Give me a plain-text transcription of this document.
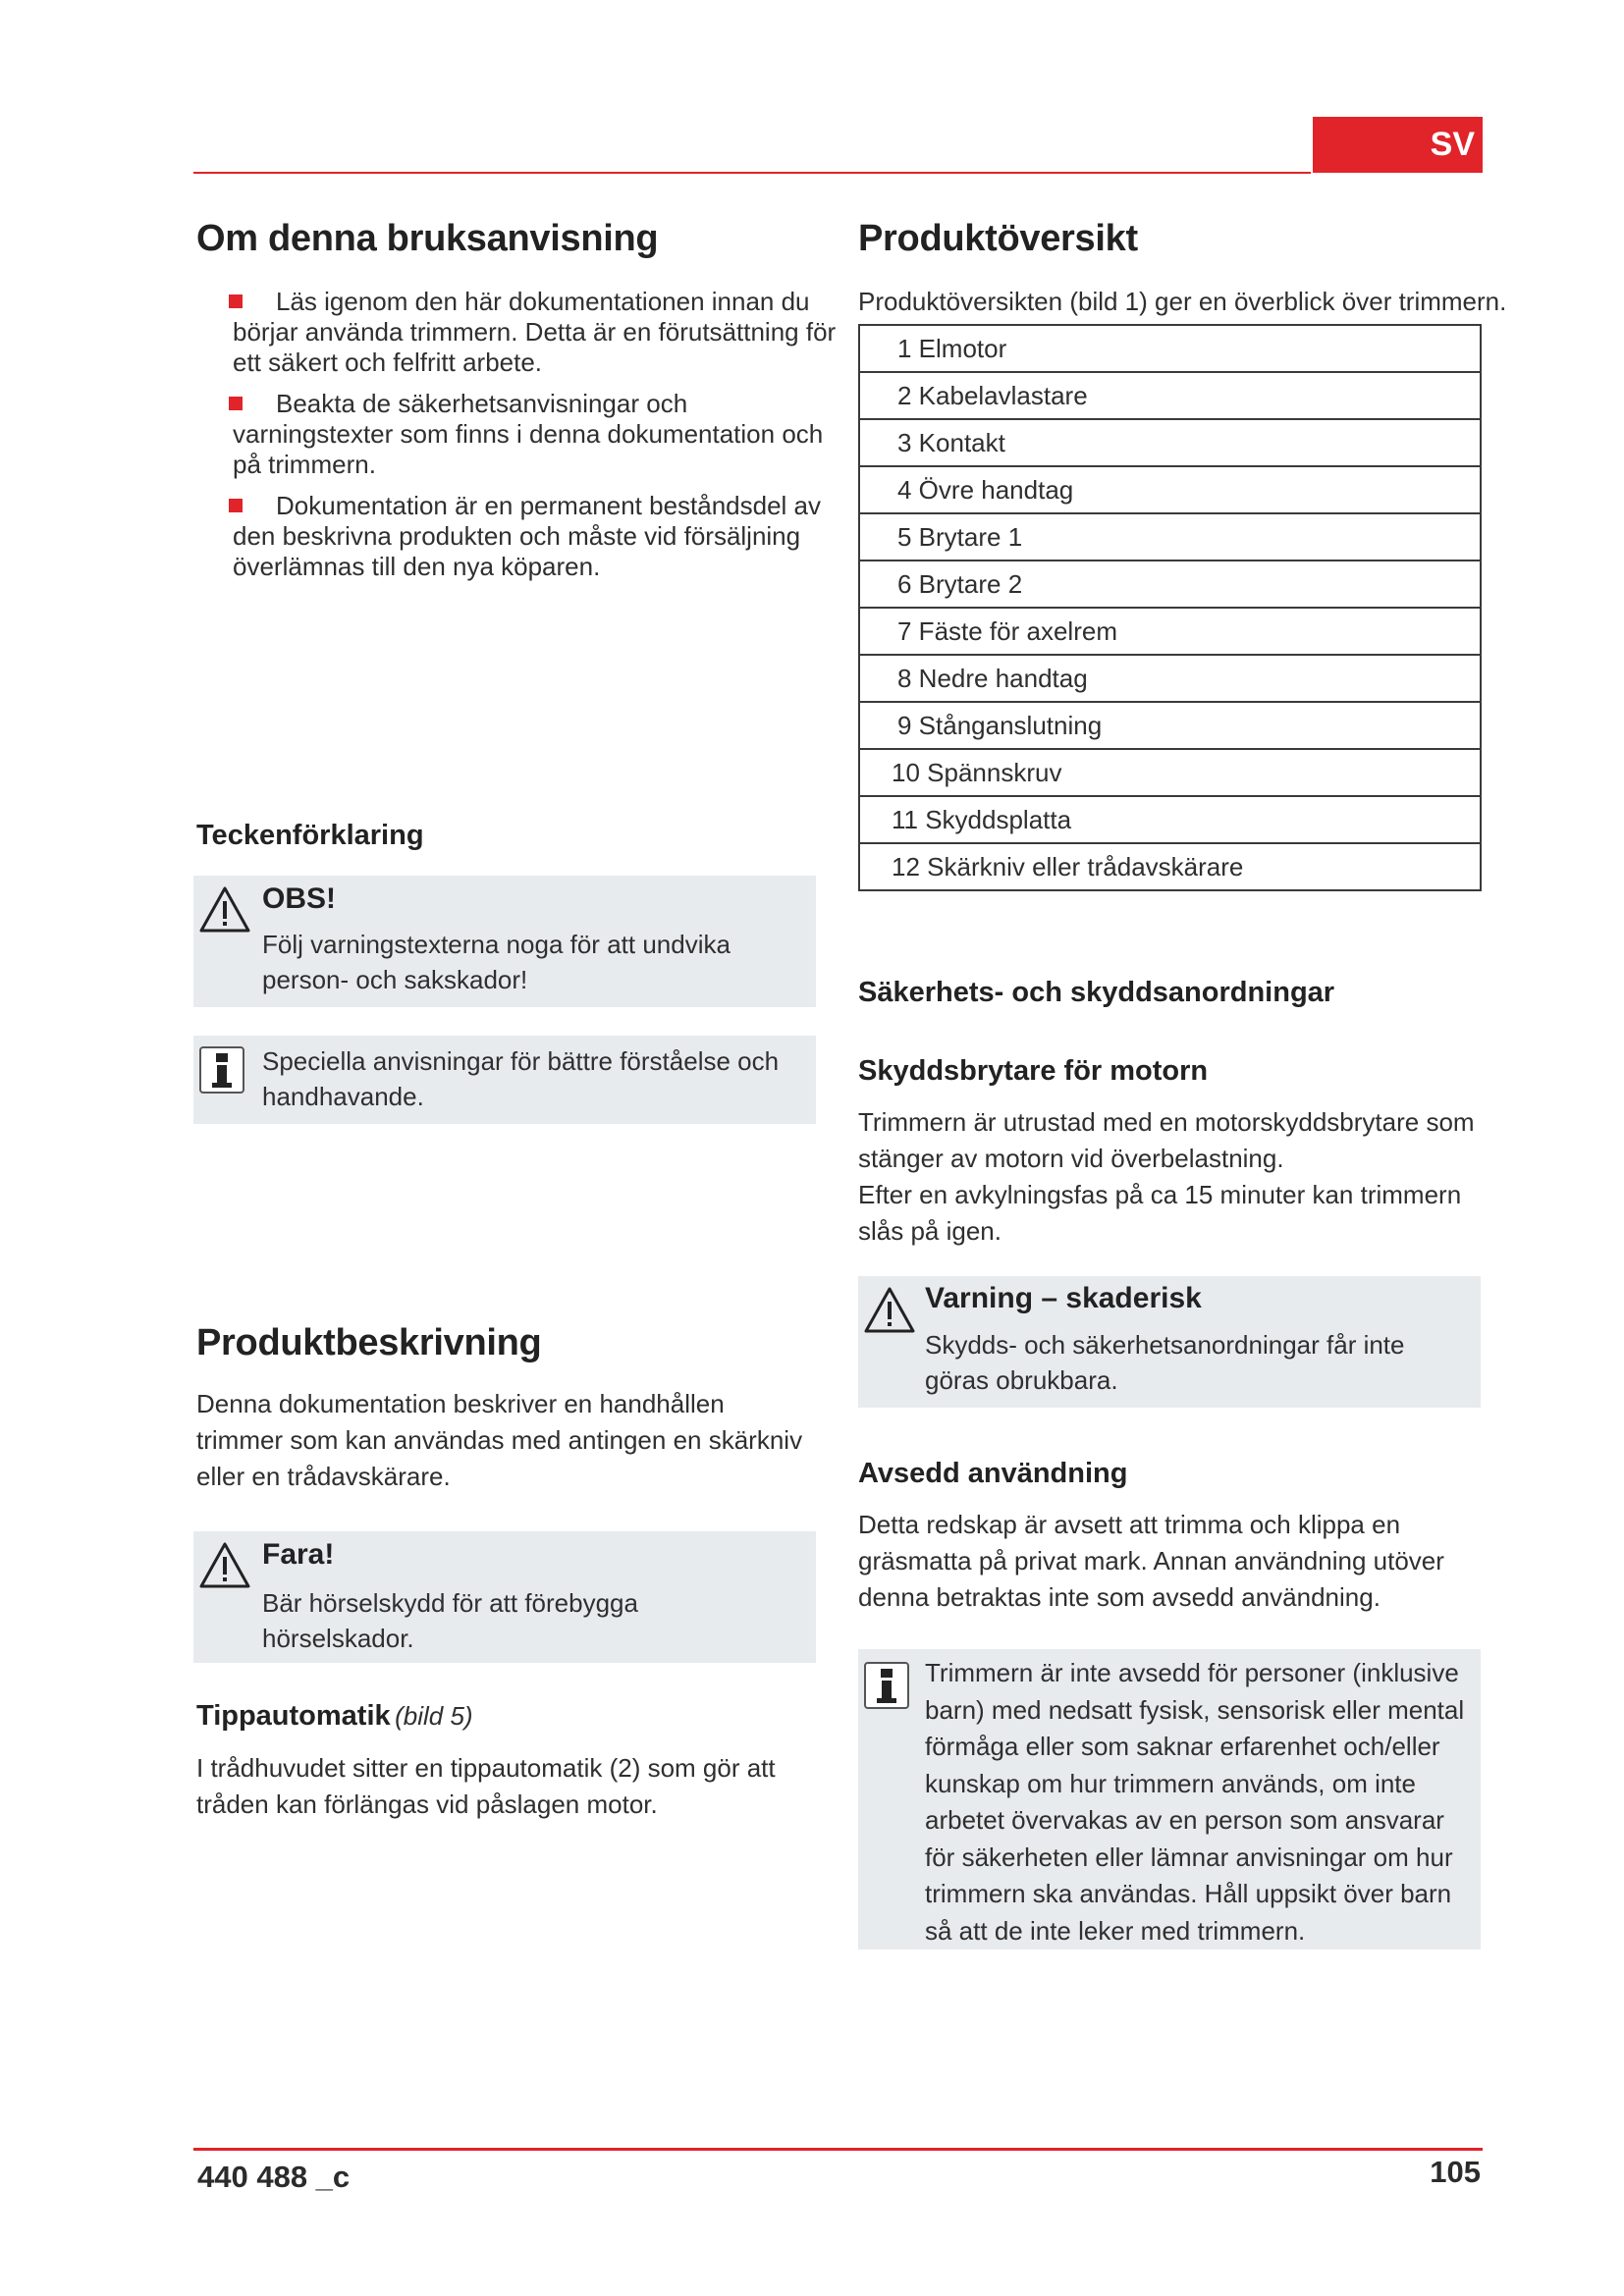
SV
Om denna bruksanvisning
Läs igenom den här dokumentationen innan du börjar använda trimmern. Detta är en förutsättning för ett säkert och felfritt arbete.
Beakta de säkerhetsanvisningar och varningstexter som finns i denna dokumentation och på trimmern.
Dokumentation är en permanent beståndsdel av den beskrivna produkten och måste vid försäljning överlämnas till den nya köparen.
Teckenförklaring
OBS!
Följ varningstexterna noga för att undvika person- och sakskador!
Speciella anvisningar för bättre förståelse och handhavande.
Produktbeskrivning

Denna dokumentation beskriver en handhållen trimmer som kan användas med antingen en skärkniv eller en trådavskärare.

Fara!
Bär hörselskydd för att förebygga hörselskador.
Tippautomatik (bild 5)

I trådhuvudet sitter en tippautomatik (2) som gör att tråden kan förlängas vid påslagen motor.

Produktöversikt

Produktöversikten (bild 1) ger en överblick över trimmern.

1 Elmotor
2 Kabelavlastare
3 Kontakt
4 Övre handtag
5 Brytare 1
6 Brytare 2
7 Fäste för axelrem
8 Nedre handtag
9 Stånganslutning
10 Spännskruv
11 Skyddsplatta
12 Skärkniv eller trådavskärare
Säkerhets- och skyddsanordningar
Skyddsbrytare för motorn

Trimmern är utrustad med en motorskyddsbrytare som stänger av motorn vid överbelastning.

Efter en avkylningsfas på ca 15 minuter kan trimmern slås på igen.

Varning – skaderisk
Skydds- och säkerhetsanordningar får inte göras obrukbara.
Avsedd användning

Detta redskap är avsett att trimma och klippa en gräsmatta på privat mark. Annan användning utöver denna betraktas inte som avsedd användning.

Trimmern är inte avsedd för personer (inklusive barn) med nedsatt fysisk, sensorisk eller mental förmåga eller som saknar erfarenhet och/eller kunskap om hur trimmern används, om inte arbetet övervakas av en person som ansvarar för säkerheten eller lämnar anvisningar om hur trimmern ska användas. Håll uppsikt över barn så att de inte leker med trimmern.
440 488 _c	105
